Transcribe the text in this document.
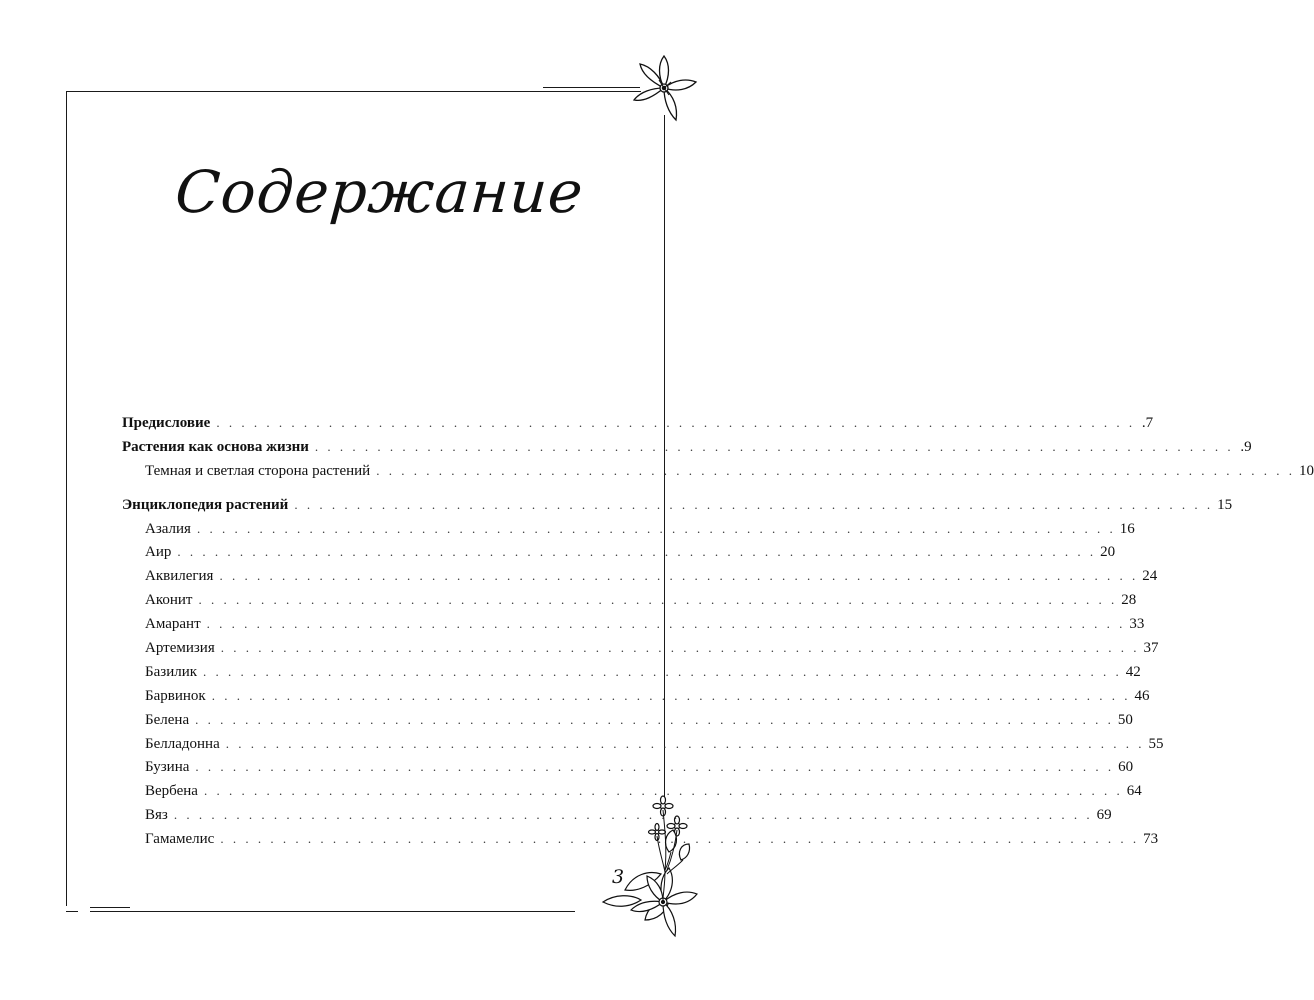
Содержание
Предисловие . . . . . . . . . . . . . . . . . . . . . . . . . . . . . . . . . . . . . . . . . . . . . . . . . . . . . . . . . . . . . . . . . . . . . . . . . . .7
Растения как основа жизни . . . . . . . . . . . . . . . . . . . . . . . . . . . . . . . . . . . . . . . . . . . . . . . . . . . . . . . . . . . . . . . . . . . . . . . . . . .9
Темная и светлая сторона растений . . . . . . . . . . . . . . . . . . . . . . . . . . . . . . . . . . . . . . . . . . . . . . . . . . . . . . . . . . . . . . . . . . . . . . . . . . 10
Энциклопедия растений . . . . . . . . . . . . . . . . . . . . . . . . . . . . . . . . . . . . . . . . . . . . . . . . . . . . . . . . . . . . . . . . . . . . . . . . . . 15
Азалия . . . . . . . . . . . . . . . . . . . . . . . . . . . . . . . . . . . . . . . . . . . . . . . . . . . . . . . . . . . . . . . . . . . . . . . . . . 16
Аир . . . . . . . . . . . . . . . . . . . . . . . . . . . . . . . . . . . . . . . . . . . . . . . . . . . . . . . . . . . . . . . . . . . . . . . . . . 20
Аквилегия . . . . . . . . . . . . . . . . . . . . . . . . . . . . . . . . . . . . . . . . . . . . . . . . . . . . . . . . . . . . . . . . . . . . . . . . . . 24
Аконит . . . . . . . . . . . . . . . . . . . . . . . . . . . . . . . . . . . . . . . . . . . . . . . . . . . . . . . . . . . . . . . . . . . . . . . . . . 28
Амарант . . . . . . . . . . . . . . . . . . . . . . . . . . . . . . . . . . . . . . . . . . . . . . . . . . . . . . . . . . . . . . . . . . . . . . . . . . 33
Артемизия . . . . . . . . . . . . . . . . . . . . . . . . . . . . . . . . . . . . . . . . . . . . . . . . . . . . . . . . . . . . . . . . . . . . . . . . . . 37
Базилик . . . . . . . . . . . . . . . . . . . . . . . . . . . . . . . . . . . . . . . . . . . . . . . . . . . . . . . . . . . . . . . . . . . . . . . . . . 42
Барвинок . . . . . . . . . . . . . . . . . . . . . . . . . . . . . . . . . . . . . . . . . . . . . . . . . . . . . . . . . . . . . . . . . . . . . . . . . . 46
Белена . . . . . . . . . . . . . . . . . . . . . . . . . . . . . . . . . . . . . . . . . . . . . . . . . . . . . . . . . . . . . . . . . . . . . . . . . . 50
Белладонна . . . . . . . . . . . . . . . . . . . . . . . . . . . . . . . . . . . . . . . . . . . . . . . . . . . . . . . . . . . . . . . . . . . . . . . . . . 55
Бузина . . . . . . . . . . . . . . . . . . . . . . . . . . . . . . . . . . . . . . . . . . . . . . . . . . . . . . . . . . . . . . . . . . . . . . . . . . 60
Вербена . . . . . . . . . . . . . . . . . . . . . . . . . . . . . . . . . . . . . . . . . . . . . . . . . . . . . . . . . . . . . . . . . . . . . . . . . . 64
Вяз . . . . . . . . . . . . . . . . . . . . . . . . . . . . . . . . . . . . . . . . . . . . . . . . . . . . . . . . . . . . . . . . . . . . . . . . . . 69
Гамамелис . . . . . . . . . . . . . . . . . . . . . . . . . . . . . . . . . . . . . . . . . . . . . . . . . . . . . . . . . . . . . . . . . . . . . . . . . . 73
3
